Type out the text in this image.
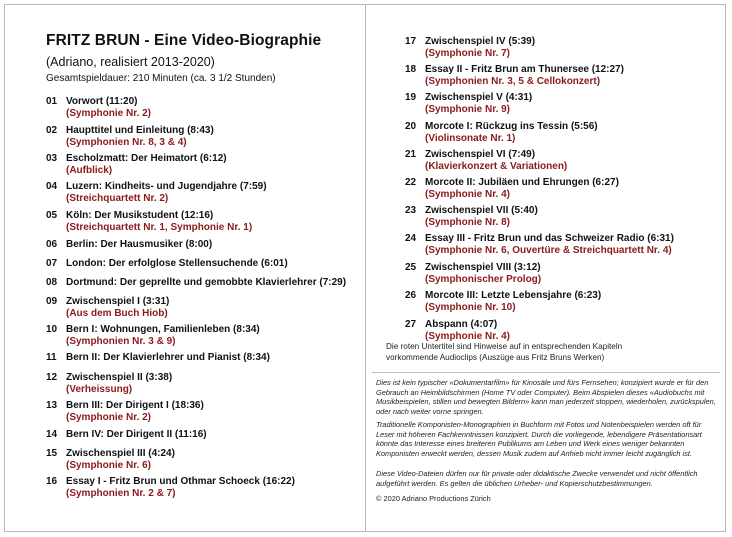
FRITZ BRUN - Eine Video-Biographie
(Adriano, realisiert 2013-2020)
Gesamtspieldauer: 210 Minuten (ca. 3 1/2 Stunden)
01 Vorwort (11:20)
(Symphonie Nr. 2)
02 Haupttitel und Einleitung (8:43)
(Symphonien Nr. 8, 3 & 4)
03 Escholzmatt: Der Heimatort (6:12)
(Aufblick)
04 Luzern: Kindheits- und Jugendjahre (7:59)
(Streichquartett Nr. 2)
05 Köln: Der Musikstudent (12:16)
(Streichquartett Nr. 1, Symphonie Nr. 1)
06 Berlin: Der Hausmusiker (8:00)
07 London: Der erfolglose Stellensuchende (6:01)
08 Dortmund: Der geprellte und gemobbte Klavierlehrer (7:29)
09 Zwischenspiel I (3:31)
(Aus dem Buch Hiob)
10 Bern I: Wohnungen, Familienleben (8:34)
(Symphonien Nr. 3 & 9)
11 Bern II: Der Klavierlehrer und Pianist (8:34)
12 Zwischenspiel II (3:38)
(Verheissung)
13 Bern III: Der Dirigent I (18:36)
(Symphonie Nr. 2)
14 Bern IV: Der Dirigent II (11:16)
15 Zwischenspiel III (4:24)
(Symphonie Nr. 6)
16 Essay I - Fritz Brun und Othmar Schoeck (16:22)
(Symphonien Nr. 2 & 7)
17 Zwischenspiel IV (5:39)
(Symphonie Nr. 7)
18 Essay II - Fritz Brun am Thunersee (12:27)
(Symphonien Nr. 3, 5 & Cellokonzert)
19 Zwischenspiel V (4:31)
(Symphonie Nr. 9)
20 Morcote I: Rückzug ins Tessin (5:56)
(Violinsonate Nr. 1)
21 Zwischenspiel VI (7:49)
(Klavierkonzert & Variationen)
22 Morcote II: Jubiläen und Ehrungen (6:27)
(Symphonie Nr. 4)
23 Zwischenspiel VII (5:40)
(Symphonie Nr. 8)
24 Essay III - Fritz Brun und das Schweizer Radio (6:31)
(Symphonie Nr. 6, Ouvertüre & Streichquartett Nr. 4)
25 Zwischenspiel VIII (3:12)
(Symphonischer Prolog)
26 Morcote III: Letzte Lebensjahre (6:23)
(Symphonie Nr. 10)
27 Abspann (4:07)
(Symphonie Nr. 4)
Die roten Untertitel sind Hinweise auf in entsprechenden Kapiteln
vorkommende Audioclips (Auszüge aus Fritz Bruns Werken)
Dies ist kein typischer «Dokumentarfilm» für Kinosäle und fürs Fernsehen; konzipiert wurde er für den Gebrauch an Heimbildschirmen (Home TV oder Computer). Beim Abspielen dieses «Audiobuchs mit Musikbeispielen, stillen und bewegten Bildern» kann man jederzeit stoppen, wiederholen, zurückspulen, oder nach weiter vorne springen.
Traditionelle Komponisten-Monographien in Buchform mit Fotos und Notenbeispielen werden oft für Leser mit höheren Fachkenntnissen konzipiert. Durch die vorliegende, lebendigere Präsentationsart könnte das Interesse eines breiteren Publikums am Leben und Werk eines weniger bekannten Komponisten erweckt werden, dessen Musik zudem auf Anhieb nicht immer leicht zugänglich ist.
Diese Video-Dateien dürfen nur für private oder didaktische Zwecke verwendet und nicht öffentlich aufgeführt werden. Es gelten die üblichen Urheber- und Kopierschutzbestimmungen.
© 2020 Adriano Productions Zürich
